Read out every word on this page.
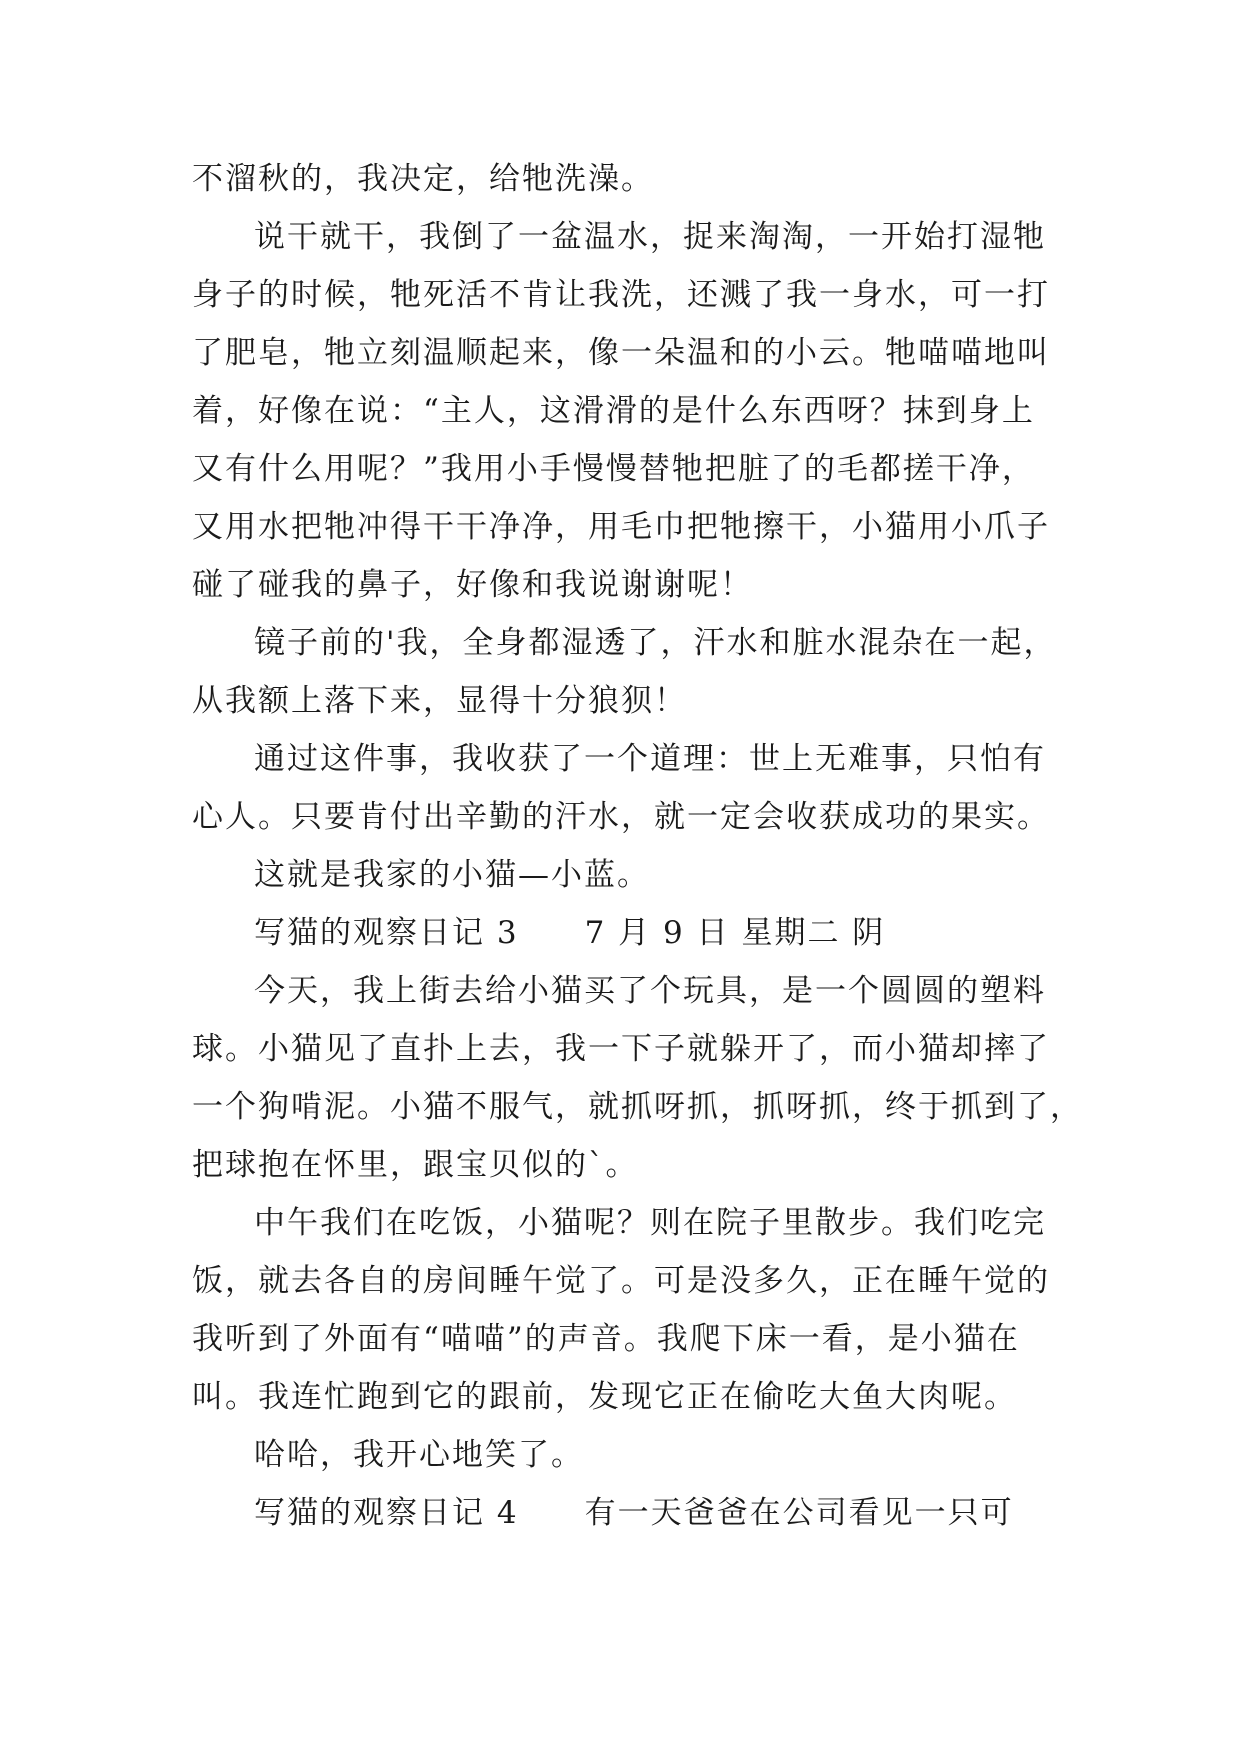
不溜秋的，我决定，给牠洗澡。
说干就干，我倒了一盆温水，捉来淘淘，一开始打湿牠
身子的时候，牠死活不肯让我洗，还溅了我一身水，可一打
了肥皂，牠立刻温顺起来，像一朵温和的小云。牠喵喵地叫
着，好像在说：“主人，这滑滑的是什么东西呀？抹到身上
又有什么用呢？”我用小手慢慢替牠把脏了的毛都搓干净，
又用水把牠冲得干干净净，用毛巾把牠擦干，小猫用小爪子
碰了碰我的鼻子，好像和我说谢谢呢！
镜子前的'我，全身都湿透了，汗水和脏水混杂在一起，
从我额上落下来，显得十分狼狈！
通过这件事，我收获了一个道理：世上无难事，只怕有
心人。只要肯付出辛勤的汗水，就一定会收获成功的果实。
这就是我家的小猫—小蓝。
写猫的观察日记 3　　7 月 9 日 星期二 阴
今天，我上街去给小猫买了个玩具，是一个圆圆的塑料
球。小猫见了直扑上去，我一下子就躲开了，而小猫却摔了
一个狗啃泥。小猫不服气，就抓呀抓，抓呀抓，终于抓到了，
把球抱在怀里，跟宝贝似的`。
中午我们在吃饭，小猫呢？则在院子里散步。我们吃完
饭，就去各自的房间睡午觉了。可是没多久，正在睡午觉的
我听到了外面有“喵喵”的声音。我爬下床一看，是小猫在
叫。我连忙跑到它的跟前，发现它正在偷吃大鱼大肉呢。
哈哈，我开心地笑了。
写猫的观察日记 4　　有一天爸爸在公司看见一只可
